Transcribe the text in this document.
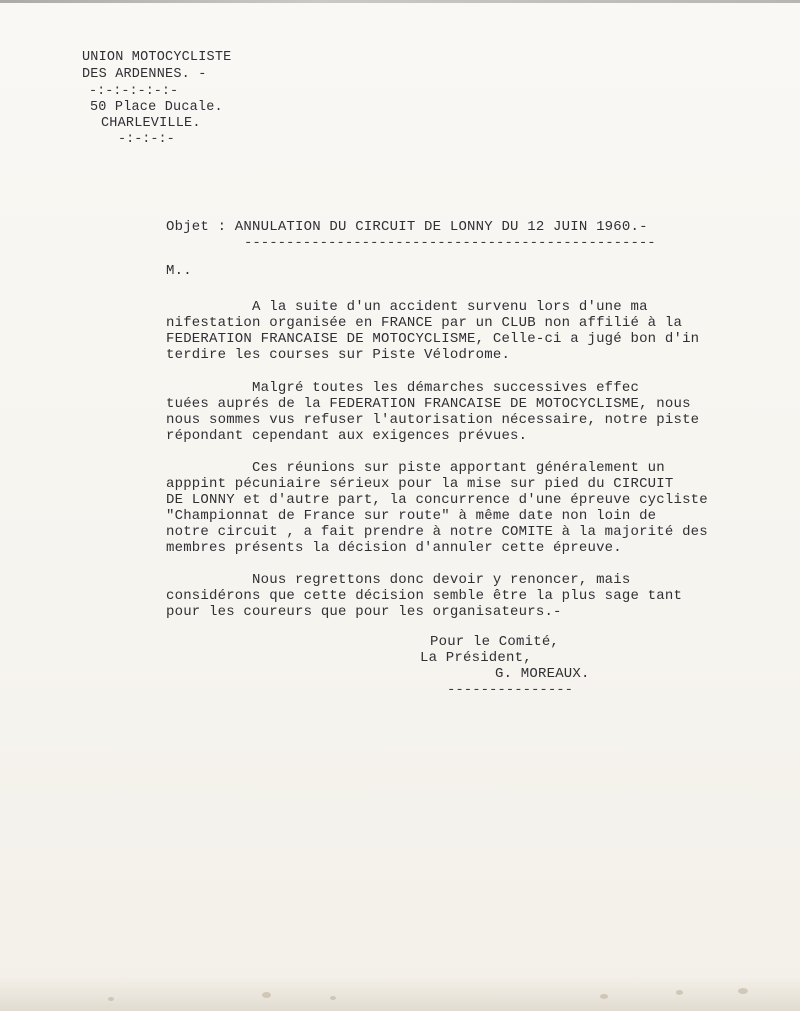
UNION MOTOCYCLISTE
DES ARDENNES. -
-:-:-:-:-:-
50 Place Ducale.
CHARLEVILLE.
-:-:-:-
Objet : ANNULATION DU CIRCUIT DE LONNY DU 12 JUIN 1960.-
-------------------------------------------------
M..
A la suite d'un accident survenu lors d'une ma
nifestation organisée en FRANCE par un CLUB non affilié à la
FEDERATION FRANCAISE DE MOTOCYCLISME, Celle-ci a jugé bon d'in
terdire les courses sur Piste Vélodrome.
Malgré toutes les démarches successives effec
tuées auprés de la FEDERATION FRANCAISE DE MOTOCYCLISME, nous
nous sommes vus refuser l'autorisation nécessaire, notre piste
répondant cependant aux exigences prévues.
Ces réunions sur piste apportant généralement un
apppint pécuniaire sérieux pour la mise sur pied du CIRCUIT
DE LONNY et d'autre part, la concurrence d'une épreuve cycliste
"Championnat de France sur route" à même date non loin de
notre circuit , a fait prendre à notre COMITE à la majorité des
membres présents la décision d'annuler cette épreuve.
Nous regrettons donc devoir y renoncer, mais
considérons que cette décision semble être la plus sage tant
pour les coureurs que pour les organisateurs.-
Pour le Comité,
La Président,
G. MOREAUX.
---------------
